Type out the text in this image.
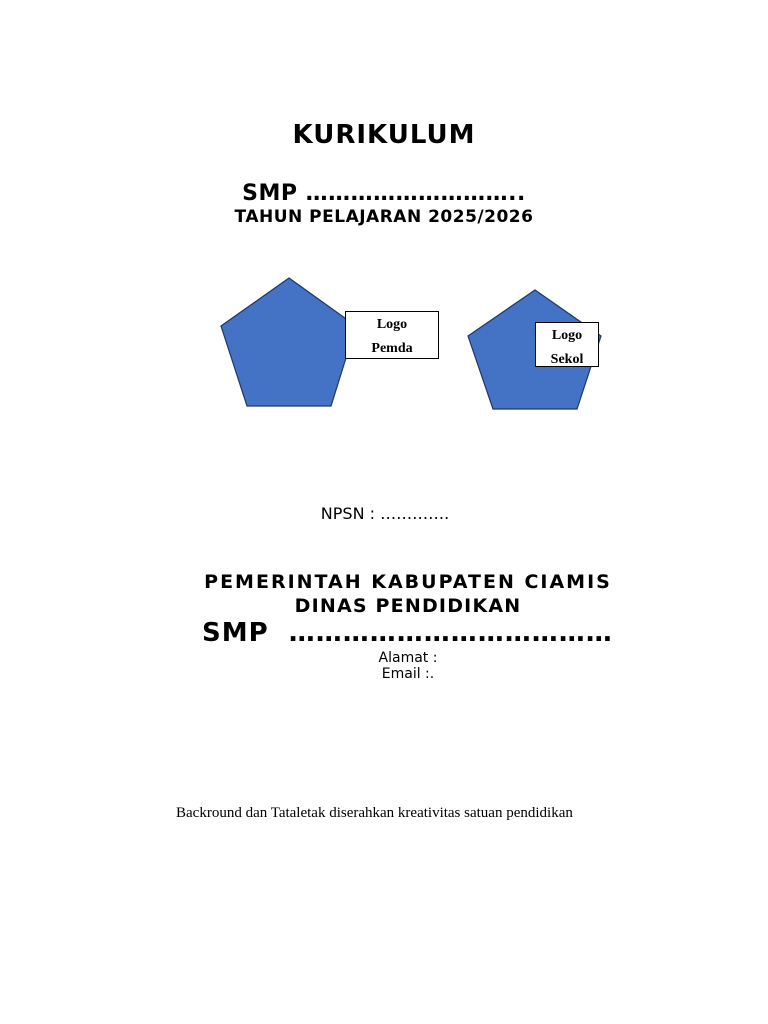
KURIKULUM
SMP ………………………..
TAHUN PELAJARAN 2025/2026
Logo
Pemda
Logo
Sekol
NPSN : ………….
PEMERINTAH KABUPATEN CIAMIS
DINAS PENDIDIKAN
SMP  ………………………………
Alamat :
Email :.
Backround dan Tataletak diserahkan kreativitas satuan pendidikan
